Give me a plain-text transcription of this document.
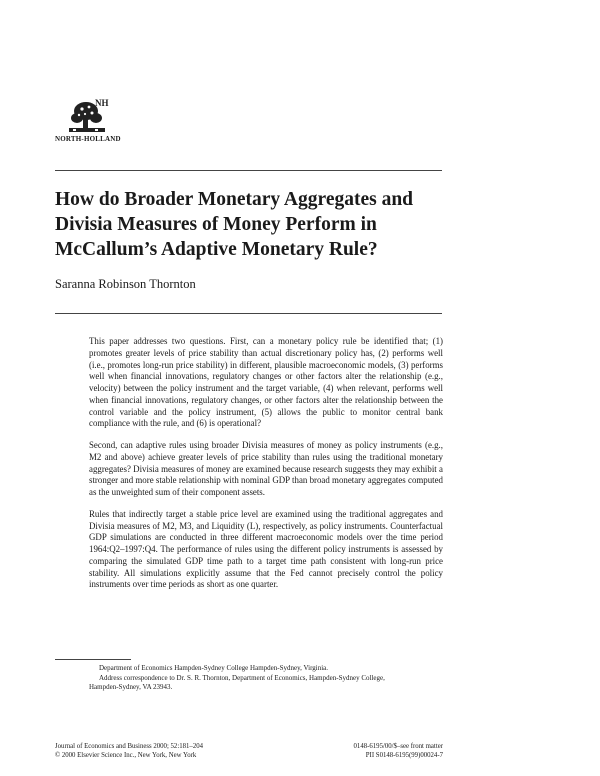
NH
NORTH-HOLLAND
How do Broader Monetary Aggregates and Divisia Measures of Money Perform in McCallum’s Adaptive Monetary Rule?
Saranna Robinson Thornton

This paper addresses two questions. First, can a monetary policy rule be identified that; (1) promotes greater levels of price stability than actual discretionary policy has, (2) performs well (i.e., promotes long-run price stability) in different, plausible macroeconomic models, (3) performs well when financial innovations, regulatory changes or other factors alter the relationship (e.g., velocity) between the policy instrument and the target variable, (4) when relevant, performs well when financial innovations, regulatory changes, or other factors alter the relationship between the control variable and the policy instrument, (5) allows the public to monitor central bank compliance with the rule, and (6) is operational?

Second, can adaptive rules using broader Divisia measures of money as policy instruments (e.g., M2 and above) achieve greater levels of price stability than rules using the traditional monetary aggregates? Divisia measures of money are examined because research suggests they may exhibit a stronger and more stable relationship with nominal GDP than broad monetary aggregates computed as the unweighted sum of their component assets.

Rules that indirectly target a stable price level are examined using the traditional aggregates and Divisia measures of M2, M3, and Liquidity (L), respectively, as policy instruments. Counterfactual GDP simulations are conducted in three different macroeconomic models over the time period 1964:Q2–1997:Q4. The performance of rules using the different policy instruments is assessed by comparing the simulated GDP time path to a target time path consistent with long-run price stability. All simulations explicitly assume that the Fed cannot precisely control the policy instruments over time periods as short as one quarter.

Department of Economics Hampden-Sydney College Hampden-Sydney, Virginia.

Address correspondence to Dr. S. R. Thornton, Department of Economics, Hampden-Sydney College,

Hampden-Sydney, VA 23943.

Journal of Economics and Business 2000; 52:181–204
© 2000 Elsevier Science Inc., New York, New York
0148-6195/00/$–see front matter
PII S0148-6195(99)00024-7
